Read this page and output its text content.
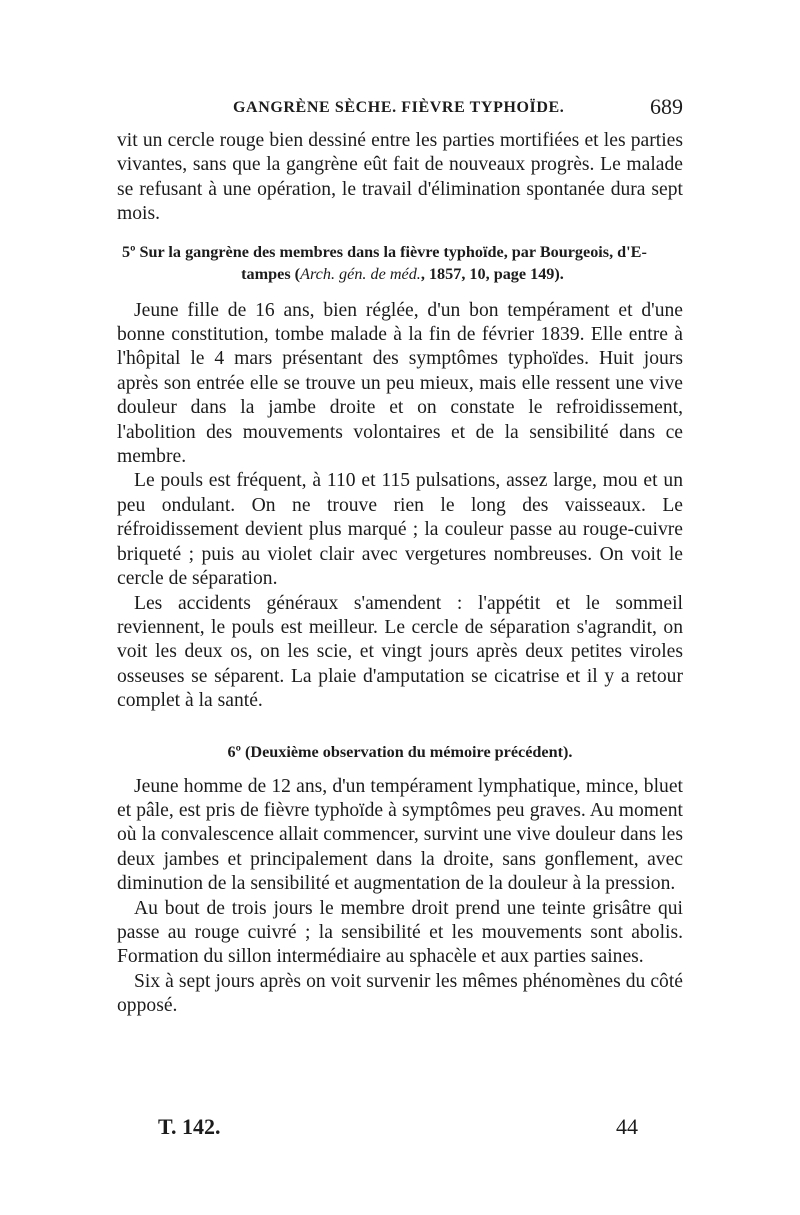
GANGRÈNE SÈCHE. FIÈVRE TYPHOÏDE.	689

vit un cercle rouge bien dessiné entre les parties mortifiées et les parties vivantes, sans que la gangrène eût fait de nouveaux progrès. Le malade se refusant à une opération, le travail d'élimination spontanée dura sept mois.

5º Sur la gangrène des membres dans la fièvre typhoïde, par Bourgeois, d'E-
tampes (Arch. gén. de méd., 1857, 10, page 149).

Jeune fille de 16 ans, bien réglée, d'un bon tempérament et d'une bonne constitution, tombe malade à la fin de février 1839. Elle entre à l'hôpital le 4 mars présentant des symptômes typhoïdes. Huit jours après son entrée elle se trouve un peu mieux, mais elle ressent une vive douleur dans la jambe droite et on constate le refroidissement, l'abolition des mouvements volontaires et de la sensibilité dans ce membre.

Le pouls est fréquent, à 110 et 115 pulsations, assez large, mou et un peu ondulant. On ne trouve rien le long des vaisseaux. Le réfroidissement devient plus marqué ; la couleur passe au rouge-cuivre briqueté ; puis au violet clair avec vergetures nombreuses. On voit le cercle de séparation.

Les accidents généraux s'amendent : l'appétit et le sommeil reviennent, le pouls est meilleur. Le cercle de séparation s'agrandit, on voit les deux os, on les scie, et vingt jours après deux petites viroles osseuses se séparent. La plaie d'amputation se cicatrise et il y a retour complet à la santé.

6º (Deuxième observation du mémoire précédent).

Jeune homme de 12 ans, d'un tempérament lymphatique, mince, bluet et pâle, est pris de fièvre typhoïde à symptômes peu graves. Au moment où la convalescence allait commencer, survint une vive douleur dans les deux jambes et principalement dans la droite, sans gonflement, avec diminution de la sensibilité et augmentation de la douleur à la pression.

Au bout de trois jours le membre droit prend une teinte grisâtre qui passe au rouge cuivré ; la sensibilité et les mouvements sont abolis. Formation du sillon intermédiaire au sphacèle et aux parties saines.

Six à sept jours après on voit survenir les mêmes phénomènes du côté opposé.

T. 142.	44
